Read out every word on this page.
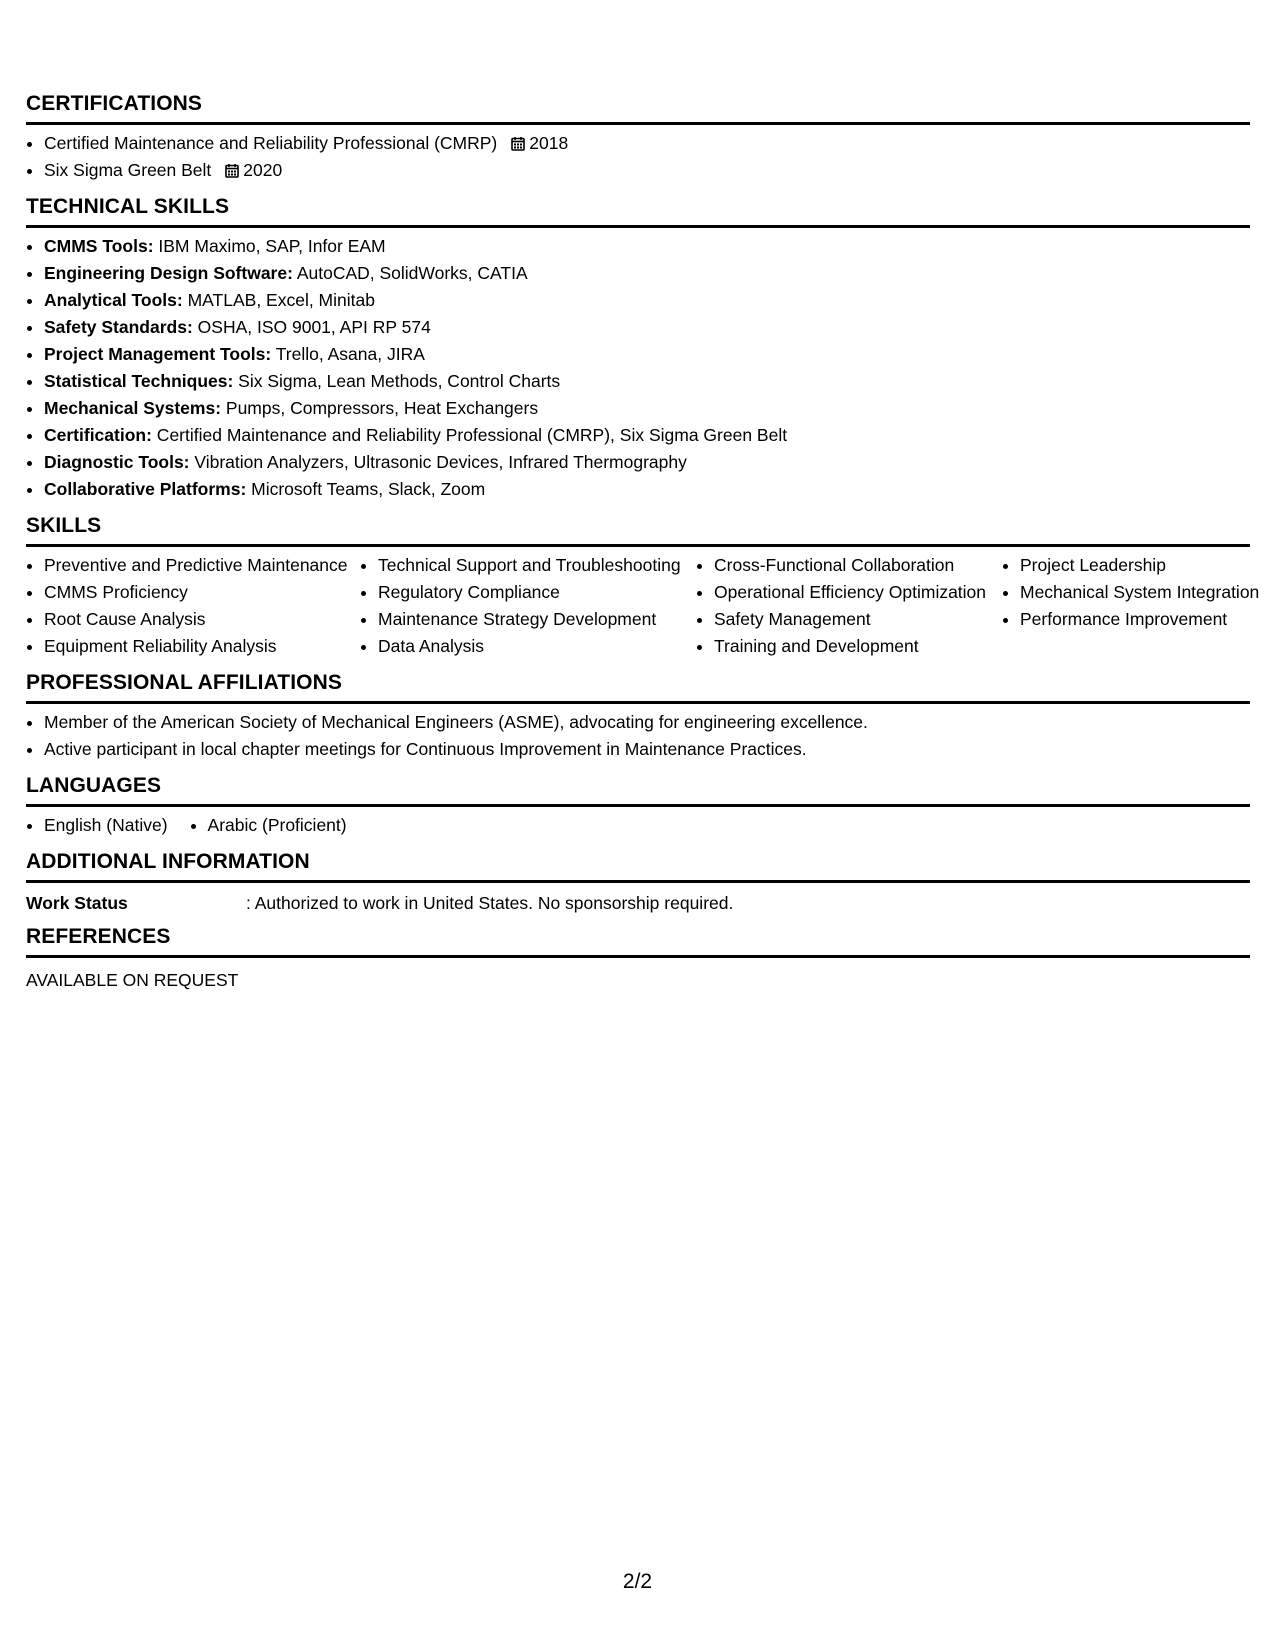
CERTIFICATIONS
• Certified Maintenance and Reliability Professional (CMRP) 2018
• Six Sigma Green Belt 2020
TECHNICAL SKILLS
• CMMS Tools: IBM Maximo, SAP, Infor EAM
• Engineering Design Software: AutoCAD, SolidWorks, CATIA
• Analytical Tools: MATLAB, Excel, Minitab
• Safety Standards: OSHA, ISO 9001, API RP 574
• Project Management Tools: Trello, Asana, JIRA
• Statistical Techniques: Six Sigma, Lean Methods, Control Charts
• Mechanical Systems: Pumps, Compressors, Heat Exchangers
• Certification: Certified Maintenance and Reliability Professional (CMRP), Six Sigma Green Belt
• Diagnostic Tools: Vibration Analyzers, Ultrasonic Devices, Infrared Thermography
• Collaborative Platforms: Microsoft Teams, Slack, Zoom
SKILLS
• Preventive and Predictive Maintenance
• CMMS Proficiency
• Root Cause Analysis
• Equipment Reliability Analysis
• Technical Support and Troubleshooting
• Regulatory Compliance
• Maintenance Strategy Development
• Data Analysis
• Cross-Functional Collaboration
• Operational Efficiency Optimization
• Safety Management
• Training and Development
• Project Leadership
• Mechanical System Integration
• Performance Improvement
PROFESSIONAL AFFILIATIONS
• Member of the American Society of Mechanical Engineers (ASME), advocating for engineering excellence.
• Active participant in local chapter meetings for Continuous Improvement in Maintenance Practices.
LANGUAGES
• English (Native)
• Arabic (Proficient)
ADDITIONAL INFORMATION
Work Status	: Authorized to work in United States. No sponsorship required.
REFERENCES
AVAILABLE ON REQUEST
2/2
